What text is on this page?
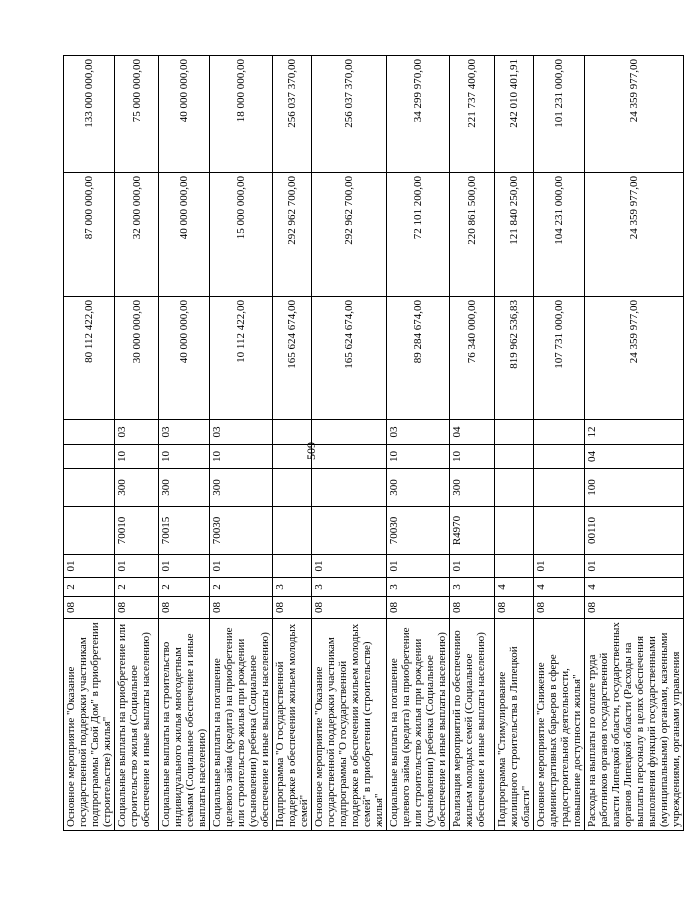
509
Основное мероприятие "Оказание государственной поддержки участникам подпрограммы "Свой Дом" в приобретении (строительстве) жилья"	08	2	01					80 112 422,00	87 000 000,00	133 000 000,00
Социальные выплаты на приобретение или строительство жилья (Социальное обеспечение и иные выплаты населению)	08	2	01	70010	300	10	03	30 000 000,00	32 000 000,00	75 000 000,00
Социальные выплаты на строительство индивидуального жилья многодетным семьям (Социальное обеспечение и иные выплаты населению)	08	2	01	70015	300	10	03	40 000 000,00	40 000 000,00	40 000 000,00
Социальные выплаты на погашение целевого займа (кредита) на приобретение или строительство жилья при рождении (усыновлении) ребенка (Социальное обеспечение и иные выплаты населению)	08	2	01	70030	300	10	03	10 112 422,00	15 000 000,00	18 000 000,00
Подпрограмма "О государственной поддержке в обеспечении жильем молодых семей"	08	3						165 624 674,00	292 962 700,00	256 037 370,00
Основное мероприятие "Оказание государственной поддержки участникам подпрограммы "О государственной поддержке в обеспечении жильем молодых семей" в приобретении (строительстве) жилья"	08	3	01					165 624 674,00	292 962 700,00	256 037 370,00
Социальные выплаты на погашение целевого займа (кредита) на приобретение или строительство жилья при рождении (усыновлении) ребенка (Социальное обеспечение и иные выплаты населению)	08	3	01	70030	300	10	03	89 284 674,00	72 101 200,00	34 299 970,00
Реализация мероприятий по обеспечению жильем молодых семей (Социальное обеспечение и иные выплаты населению)	08	3	01	R4970	300	10	04	76 340 000,00	220 861 500,00	221 737 400,00
Подпрограмма "Стимулирование жилищного строительства в Липецкой области"	08	4						819 962 536,83	121 840 250,00	242 010 401,91
Основное мероприятие "Снижение административных барьеров в сфере градостроительной деятельности, повышение доступности жилья"	08	4	01					107 731 000,00	104 231 000,00	101 231 000,00
Расходы на выплаты по оплате труда работников органов государственной власти Липецкой области, государственных органов Липецкой области (Расходы на выплаты персоналу в целях обеспечения выполнения функций государственными (муниципальными) органами, казенными учреждениями, органами управления	08	4	01	00110	100	04	12	24 359 977,00	24 359 977,00	24 359 977,00
